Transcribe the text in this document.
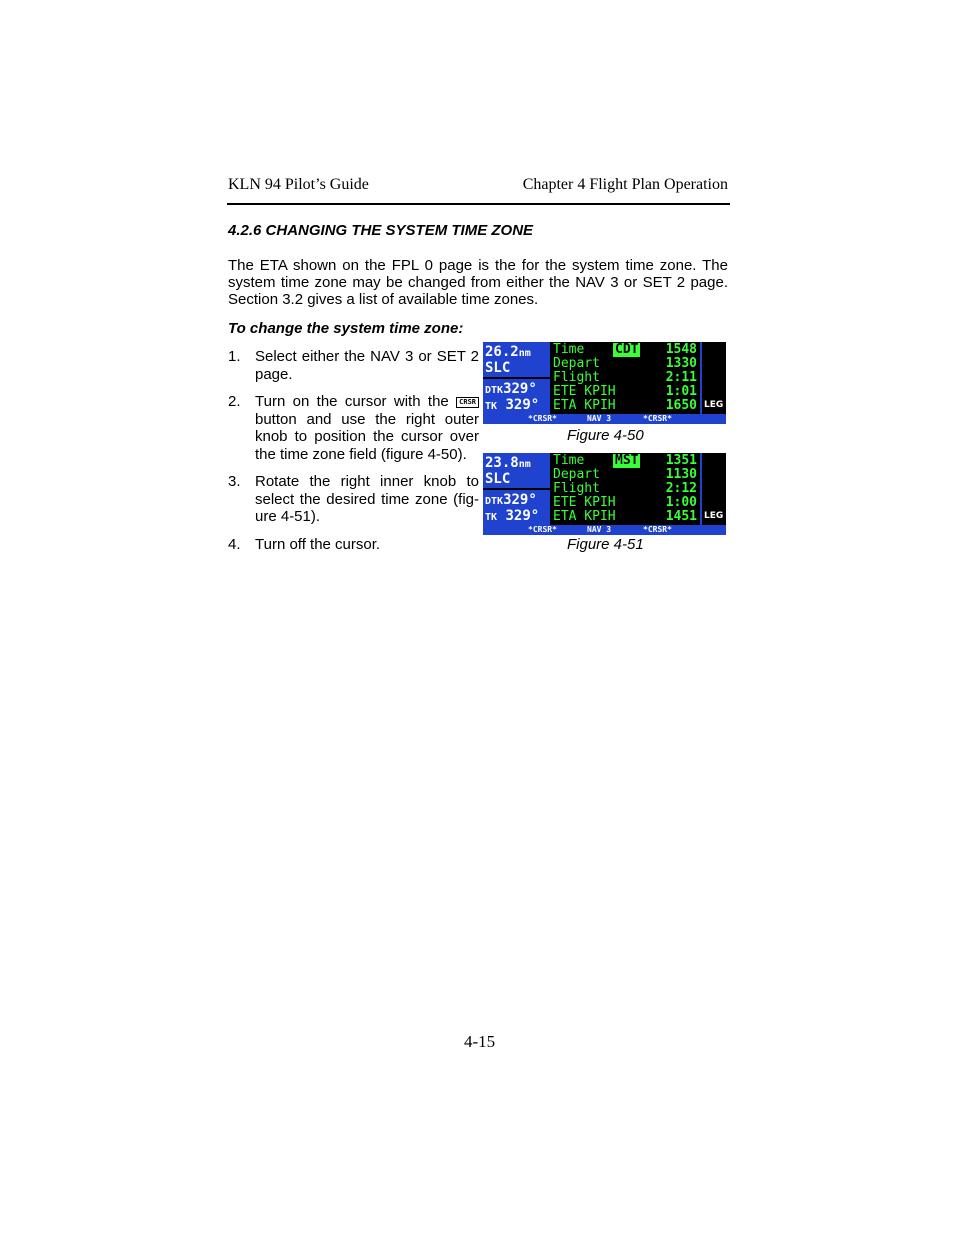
KLN 94 Pilot’s Guide	Chapter 4 Flight Plan Operation
4.2.6 CHANGING THE SYSTEM TIME ZONE
The ETA shown on the FPL 0 page is the for the system time zone. The
system time zone may be changed from either the NAV 3 or SET 2 page.
Section 3.2 gives a list of available time zones.
To change the system time zone:
1. Select either the NAV 3 or SET 2
page.
2. Turn on the cursor with the CRSR
button and use the right outer
knob to position the cursor over
the time zone field (figure 4-50).
3. Rotate the right inner knob to
select the desired time zone (fig-
ure 4-51).
4. Turn off the cursor.
26.2nm
SLC
DTK329°
TK 329°
Time CDT 1548
Depart	1330
Flight	2:11
ETE KPIH	1:01
ETA KPIH	1650 LEG
*CRSR*	NAV 3	*CRSR*
Figure 4-50
23.8nm
SLC
DTK329°
TK 329°
Time MST 1351
Depart	1130
Flight	2:12
ETE KPIH	1:00
ETA KPIH	1451 LEG
*CRSR*	NAV 3	*CRSR*
Figure 4-51
4-15
